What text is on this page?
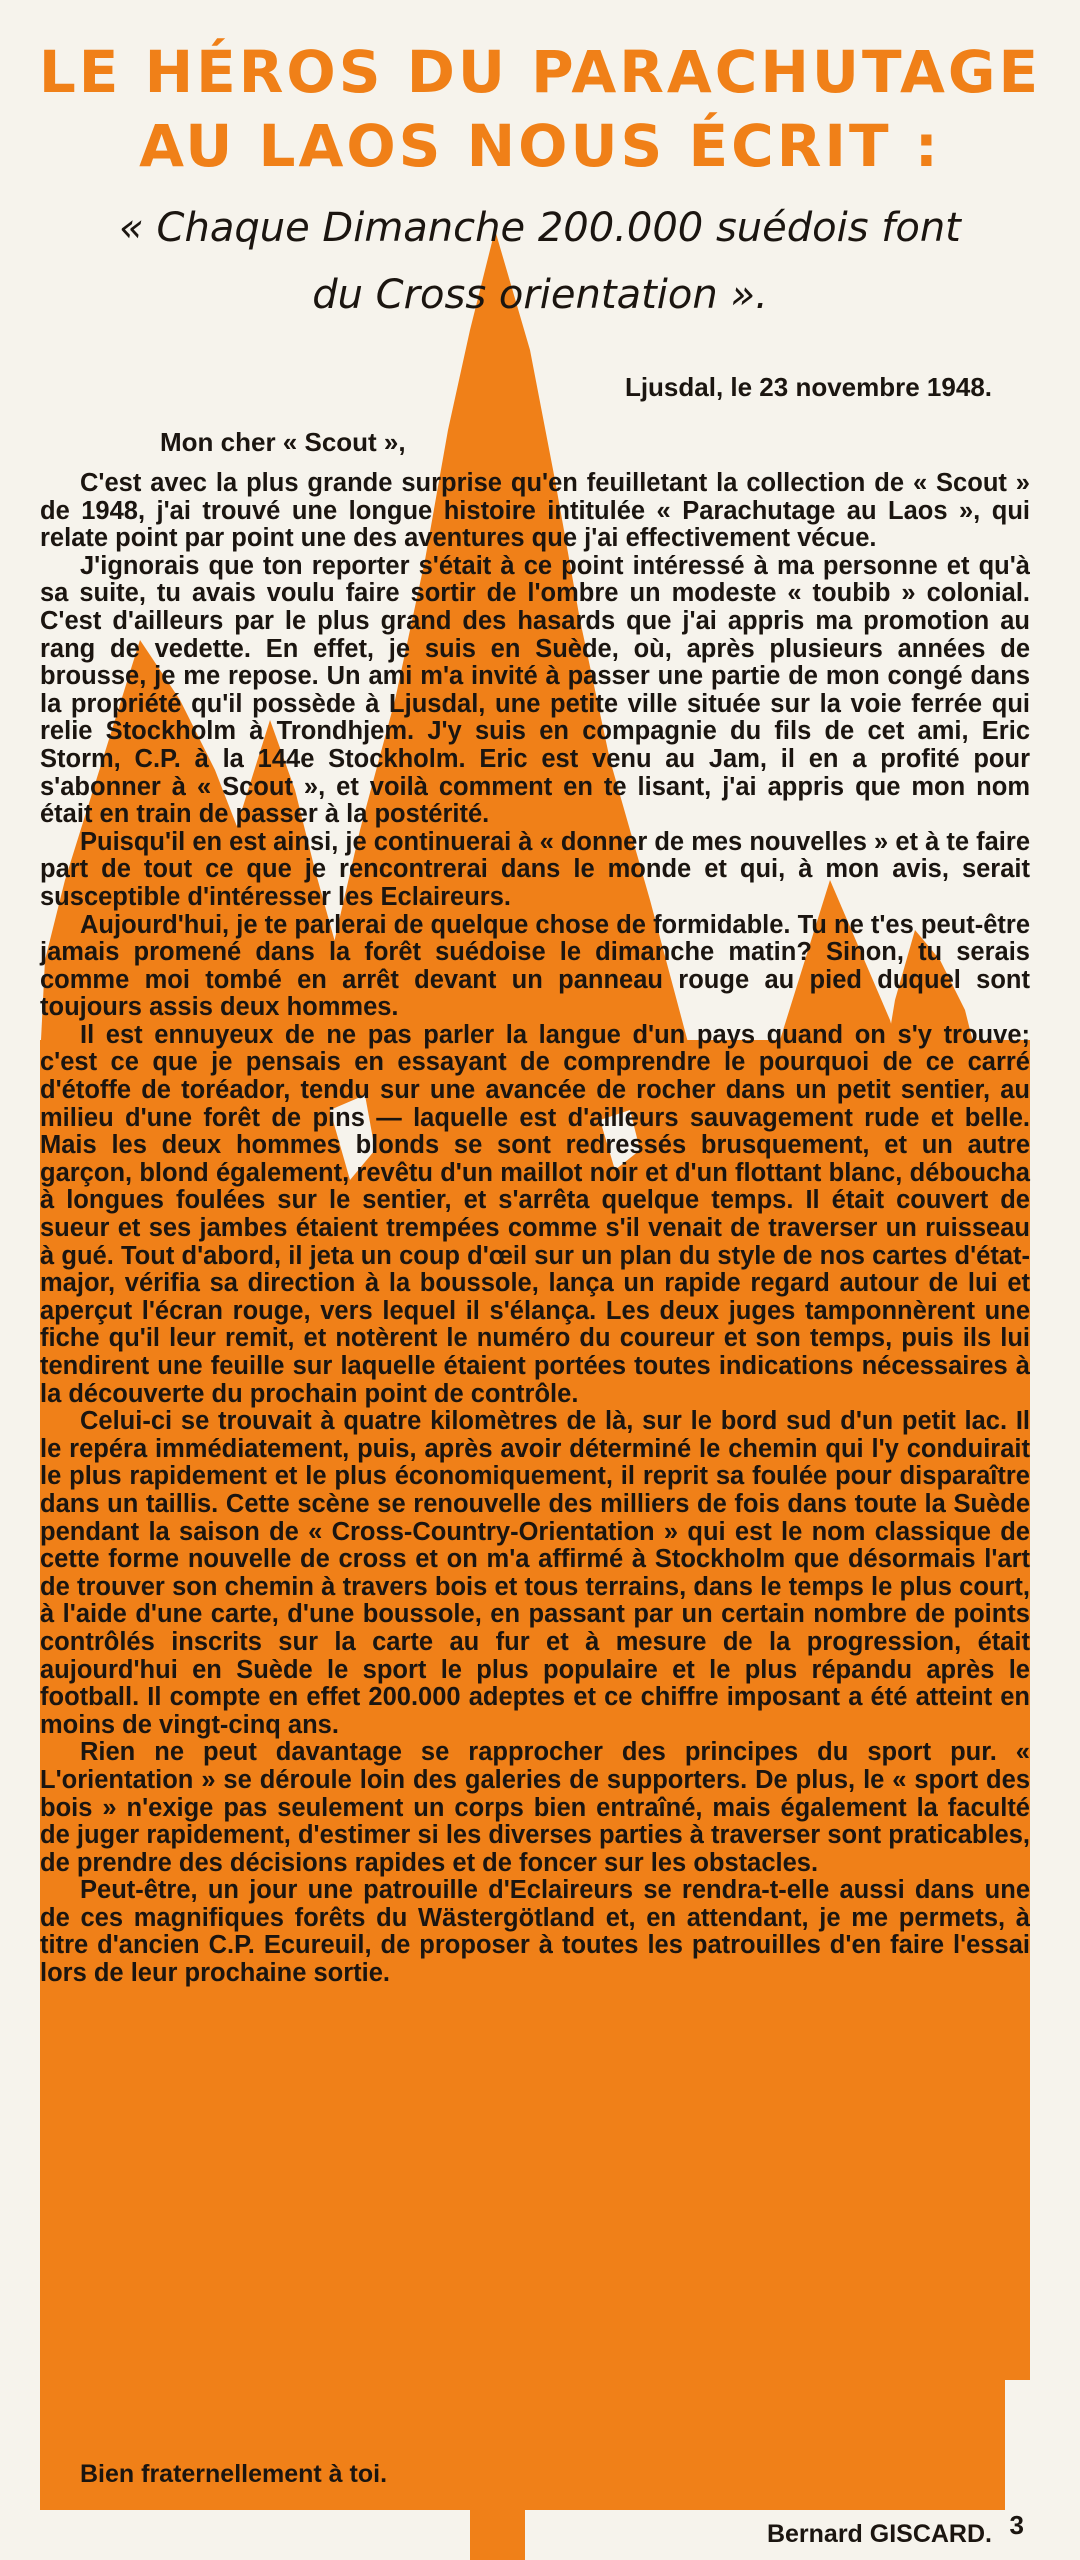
LE HÉROS DU PARACHUTAGE
AU LAOS NOUS ÉCRIT :

« Chaque Dimanche 200.000 suédois font

du Cross orientation ».

Ljusdal, le 23 novembre 1948.

Mon cher « Scout »,

C'est avec la plus grande surprise qu'en feuilletant la collection de « Scout » de 1948, j'ai trouvé une longue histoire intitulée « Parachutage au Laos », qui relate point par point une des aventures que j'ai effectivement vécue.

J'ignorais que ton reporter s'était à ce point intéressé à ma personne et qu'à sa suite, tu avais voulu faire sortir de l'ombre un modeste « toubib » colonial. C'est d'ailleurs par le plus grand des hasards que j'ai appris ma promotion au rang de vedette. En effet, je suis en Suède, où, après plusieurs années de brousse, je me repose. Un ami m'a invité à passer une partie de mon congé dans la propriété qu'il possède à Ljusdal, une petite ville située sur la voie ferrée qui relie Stockholm à Trondhjem. J'y suis en compagnie du fils de cet ami, Eric Storm, C.P. à la 144e Stockholm. Eric est venu au Jam, il en a profité pour s'abonner à « Scout », et voilà comment en te lisant, j'ai appris que mon nom était en train de passer à la postérité.

Puisqu'il en est ainsi, je continuerai à « donner de mes nouvelles » et à te faire part de tout ce que je rencontrerai dans le monde et qui, à mon avis, serait susceptible d'intéresser les Eclaireurs.

Aujourd'hui, je te parlerai de quelque chose de formidable. Tu ne t'es peut-être jamais promené dans la forêt suédoise le dimanche matin? Sinon, tu serais comme moi tombé en arrêt devant un panneau rouge au pied duquel sont toujours assis deux hommes.

Il est ennuyeux de ne pas parler la langue d'un pays quand on s'y trouve; c'est ce que je pensais en essayant de comprendre le pourquoi de ce carré d'étoffe de toréador, tendu sur une avancée de rocher dans un petit sentier, au milieu d'une forêt de pins — laquelle est d'ailleurs sauvagement rude et belle. Mais les deux hommes blonds se sont redressés brusquement, et un autre garçon, blond également, revêtu d'un maillot noir et d'un flottant blanc, déboucha à longues foulées sur le sentier, et s'arrêta quelque temps. Il était couvert de sueur et ses jambes étaient trempées comme s'il venait de traverser un ruisseau à gué. Tout d'abord, il jeta un coup d'œil sur un plan du style de nos cartes d'état-major, vérifia sa direction à la boussole, lança un rapide regard autour de lui et aperçut l'écran rouge, vers lequel il s'élança. Les deux juges tamponnèrent une fiche qu'il leur remit, et notèrent le numéro du coureur et son temps, puis ils lui tendirent une feuille sur laquelle étaient portées toutes indications nécessaires à la découverte du prochain point de contrôle.

Celui-ci se trouvait à quatre kilomètres de là, sur le bord sud d'un petit lac. Il le repéra immédiatement, puis, après avoir déterminé le chemin qui l'y conduirait le plus rapidement et le plus économiquement, il reprit sa foulée pour disparaître dans un taillis. Cette scène se renouvelle des milliers de fois dans toute la Suède pendant la saison de « Cross-Country-Orientation » qui est le nom classique de cette forme nouvelle de cross et on m'a affirmé à Stockholm que désormais l'art de trouver son chemin à travers bois et tous terrains, dans le temps le plus court, à l'aide d'une carte, d'une boussole, en passant par un certain nombre de points contrôlés inscrits sur la carte au fur et à mesure de la progression, était aujourd'hui en Suède le sport le plus populaire et le plus répandu après le football. Il compte en effet 200.000 adeptes et ce chiffre imposant a été atteint en moins de vingt-cinq ans.

Rien ne peut davantage se rapprocher des principes du sport pur. « L'orientation » se déroule loin des galeries de supporters. De plus, le « sport des bois » n'exige pas seulement un corps bien entraîné, mais également la faculté de juger rapidement, d'estimer si les diverses parties à traverser sont praticables, de prendre des décisions rapides et de foncer sur les obstacles.

Peut-être, un jour une patrouille d'Eclaireurs se rendra-t-elle aussi dans une de ces magnifiques forêts du Wästergötland et, en attendant, je me permets, à titre d'ancien C.P. Ecureuil, de proposer à toutes les patrouilles d'en faire l'essai lors de leur prochaine sortie.

Bien fraternellement à toi.

Bernard GISCARD. 3
